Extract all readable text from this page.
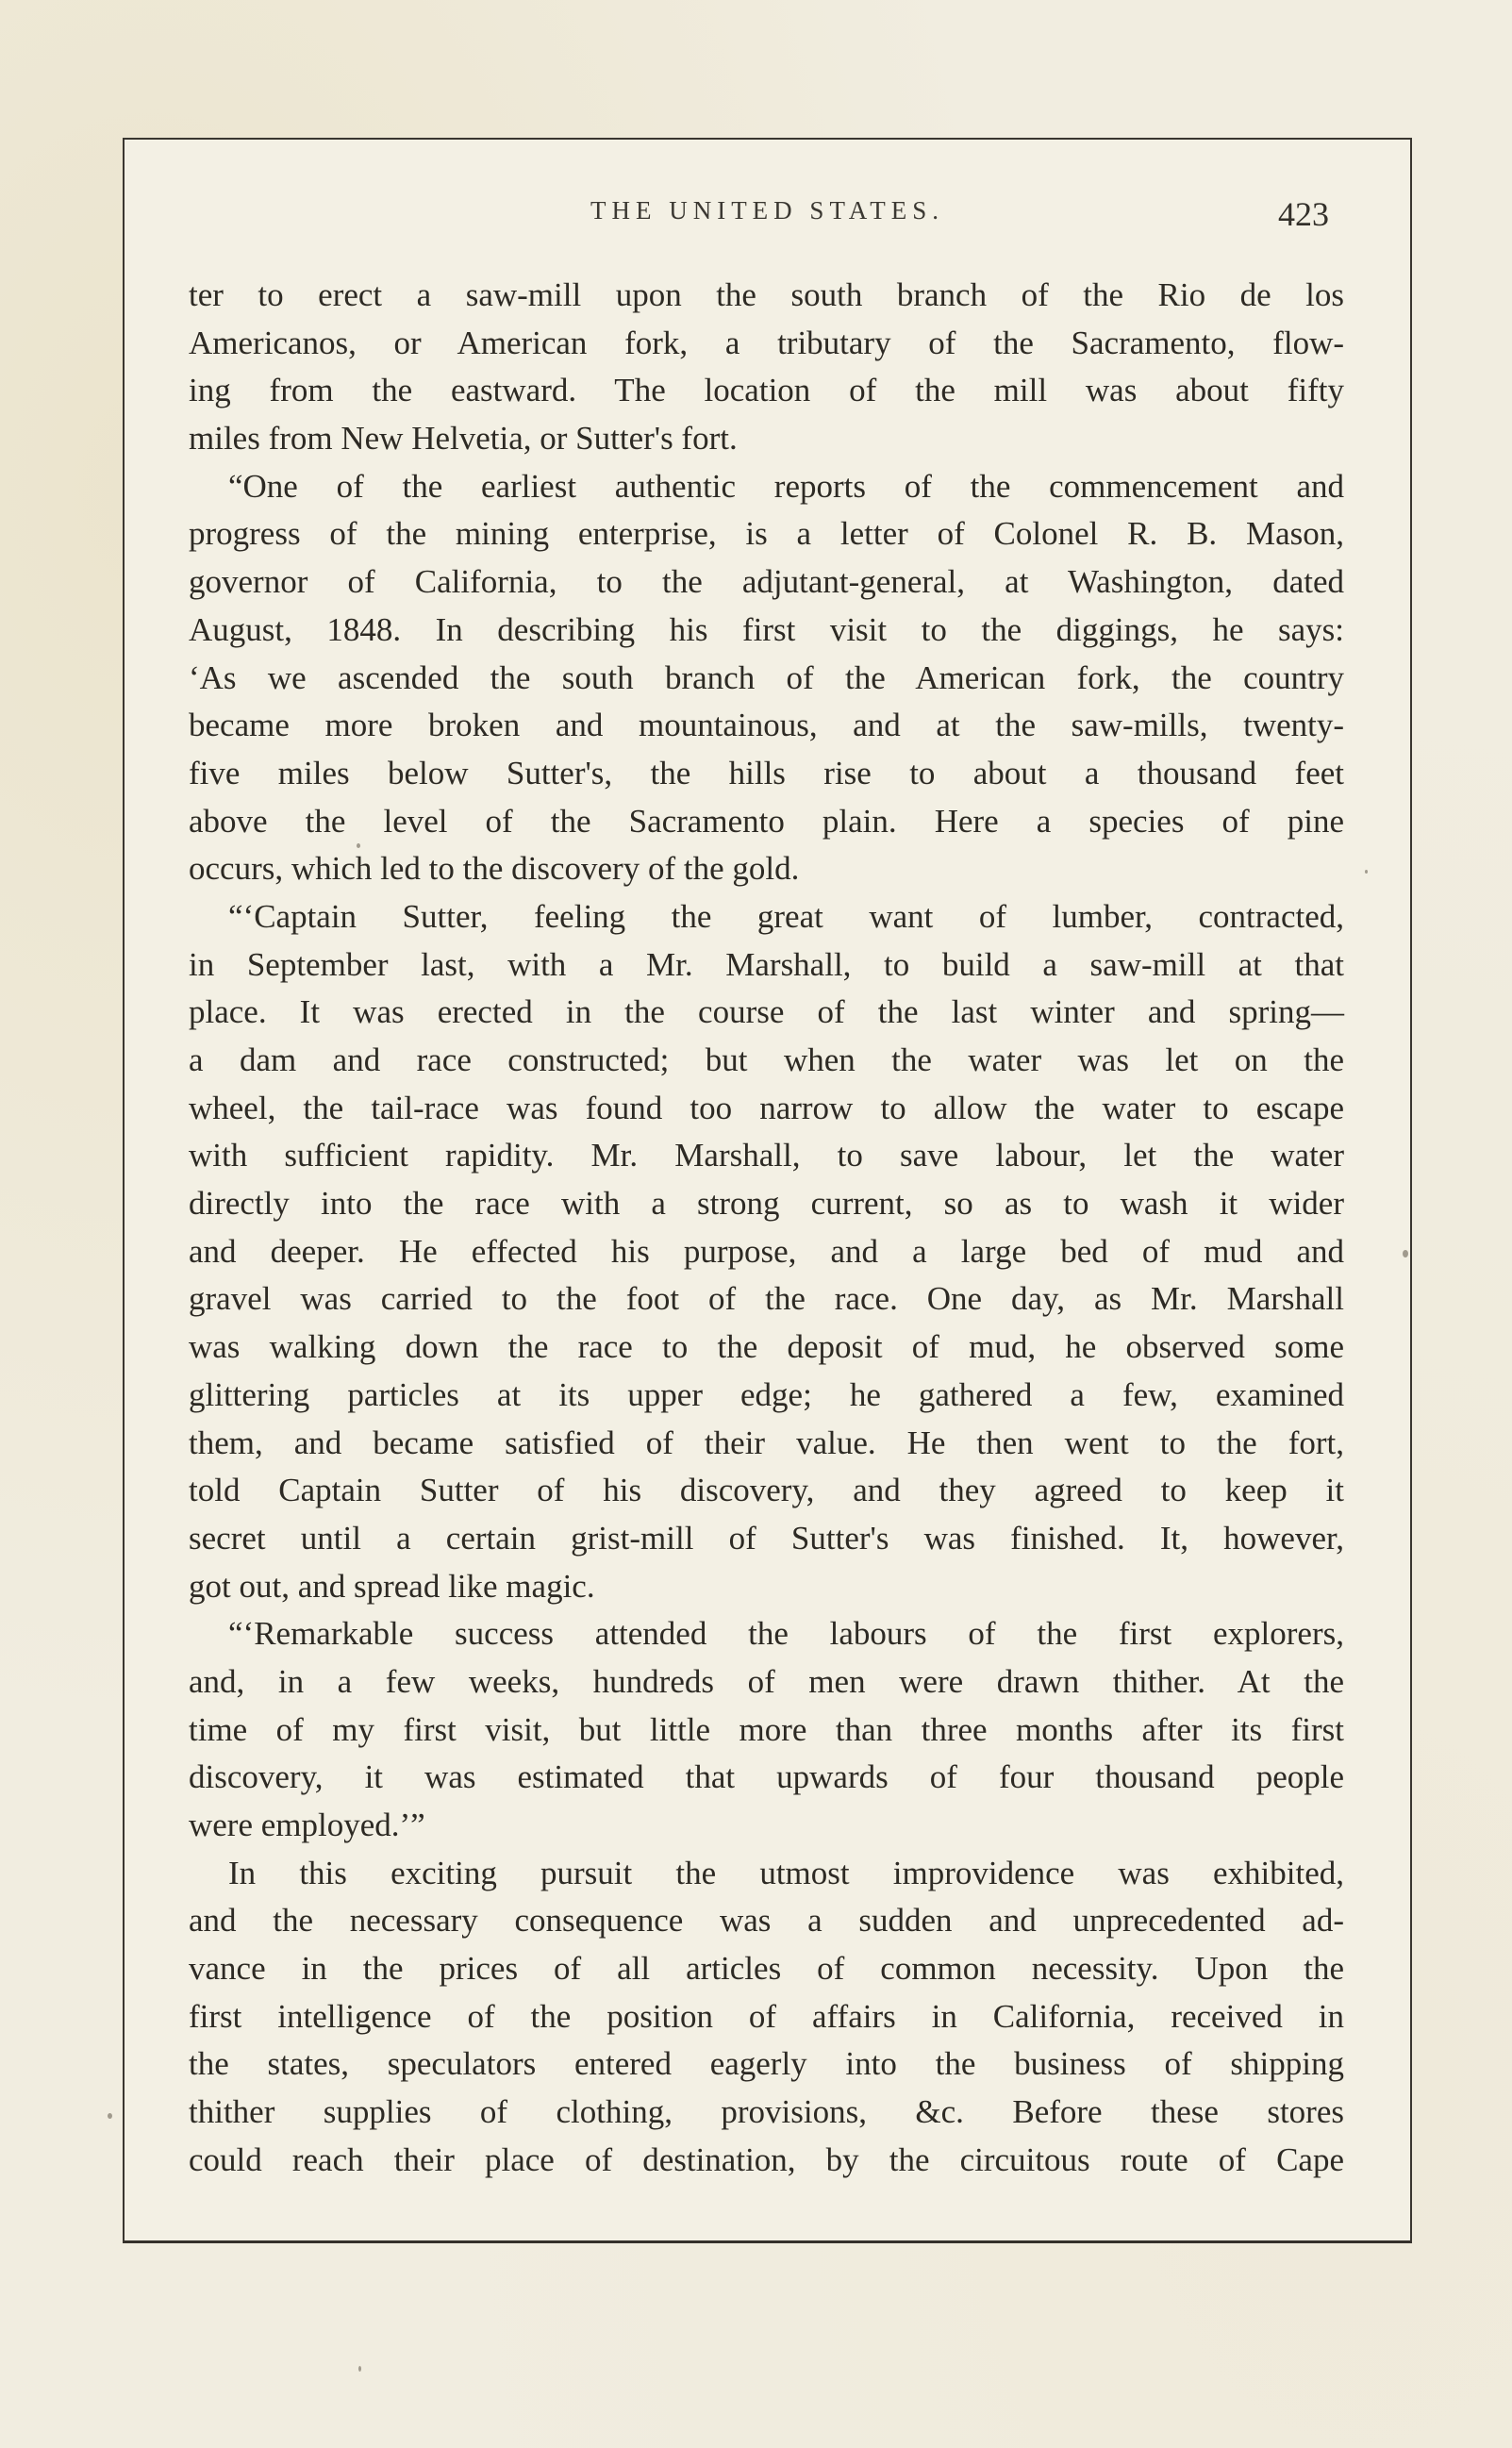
THE UNITED STATES.	423
ter to erect a saw-mill upon the south branch of the Rio de los
Americanos, or American fork, a tributary of the Sacramento, flow-
ing from the eastward. The location of the mill was about fifty
miles from New Helvetia, or Sutter's fort.
“One of the earliest authentic reports of the commencement and
progress of the mining enterprise, is a letter of Colonel R. B. Mason,
governor of California, to the adjutant-general, at Washington, dated
August, 1848. In describing his first visit to the diggings, he says:
‘As we ascended the south branch of the American fork, the country
became more broken and mountainous, and at the saw-mills, twenty-
five miles below Sutter's, the hills rise to about a thousand feet
above the level of the Sacramento plain. Here a species of pine
occurs, which led to the discovery of the gold.
“‘Captain Sutter, feeling the great want of lumber, contracted,
in September last, with a Mr. Marshall, to build a saw-mill at that
place. It was erected in the course of the last winter and spring—
a dam and race constructed; but when the water was let on the
wheel, the tail-race was found too narrow to allow the water to escape
with sufficient rapidity. Mr. Marshall, to save labour, let the water
directly into the race with a strong current, so as to wash it wider
and deeper. He effected his purpose, and a large bed of mud and
gravel was carried to the foot of the race. One day, as Mr. Marshall
was walking down the race to the deposit of mud, he observed some
glittering particles at its upper edge; he gathered a few, examined
them, and became satisfied of their value. He then went to the fort,
told Captain Sutter of his discovery, and they agreed to keep it
secret until a certain grist-mill of Sutter's was finished. It, however,
got out, and spread like magic.
“‘Remarkable success attended the labours of the first explorers,
and, in a few weeks, hundreds of men were drawn thither. At the
time of my first visit, but little more than three months after its first
discovery, it was estimated that upwards of four thousand people
were employed.’”
In this exciting pursuit the utmost improvidence was exhibited,
and the necessary consequence was a sudden and unprecedented ad-
vance in the prices of all articles of common necessity. Upon the
first intelligence of the position of affairs in California, received in
the states, speculators entered eagerly into the business of shipping
thither supplies of clothing, provisions, &c. Before these stores
could reach their place of destination, by the circuitous route of Cape
